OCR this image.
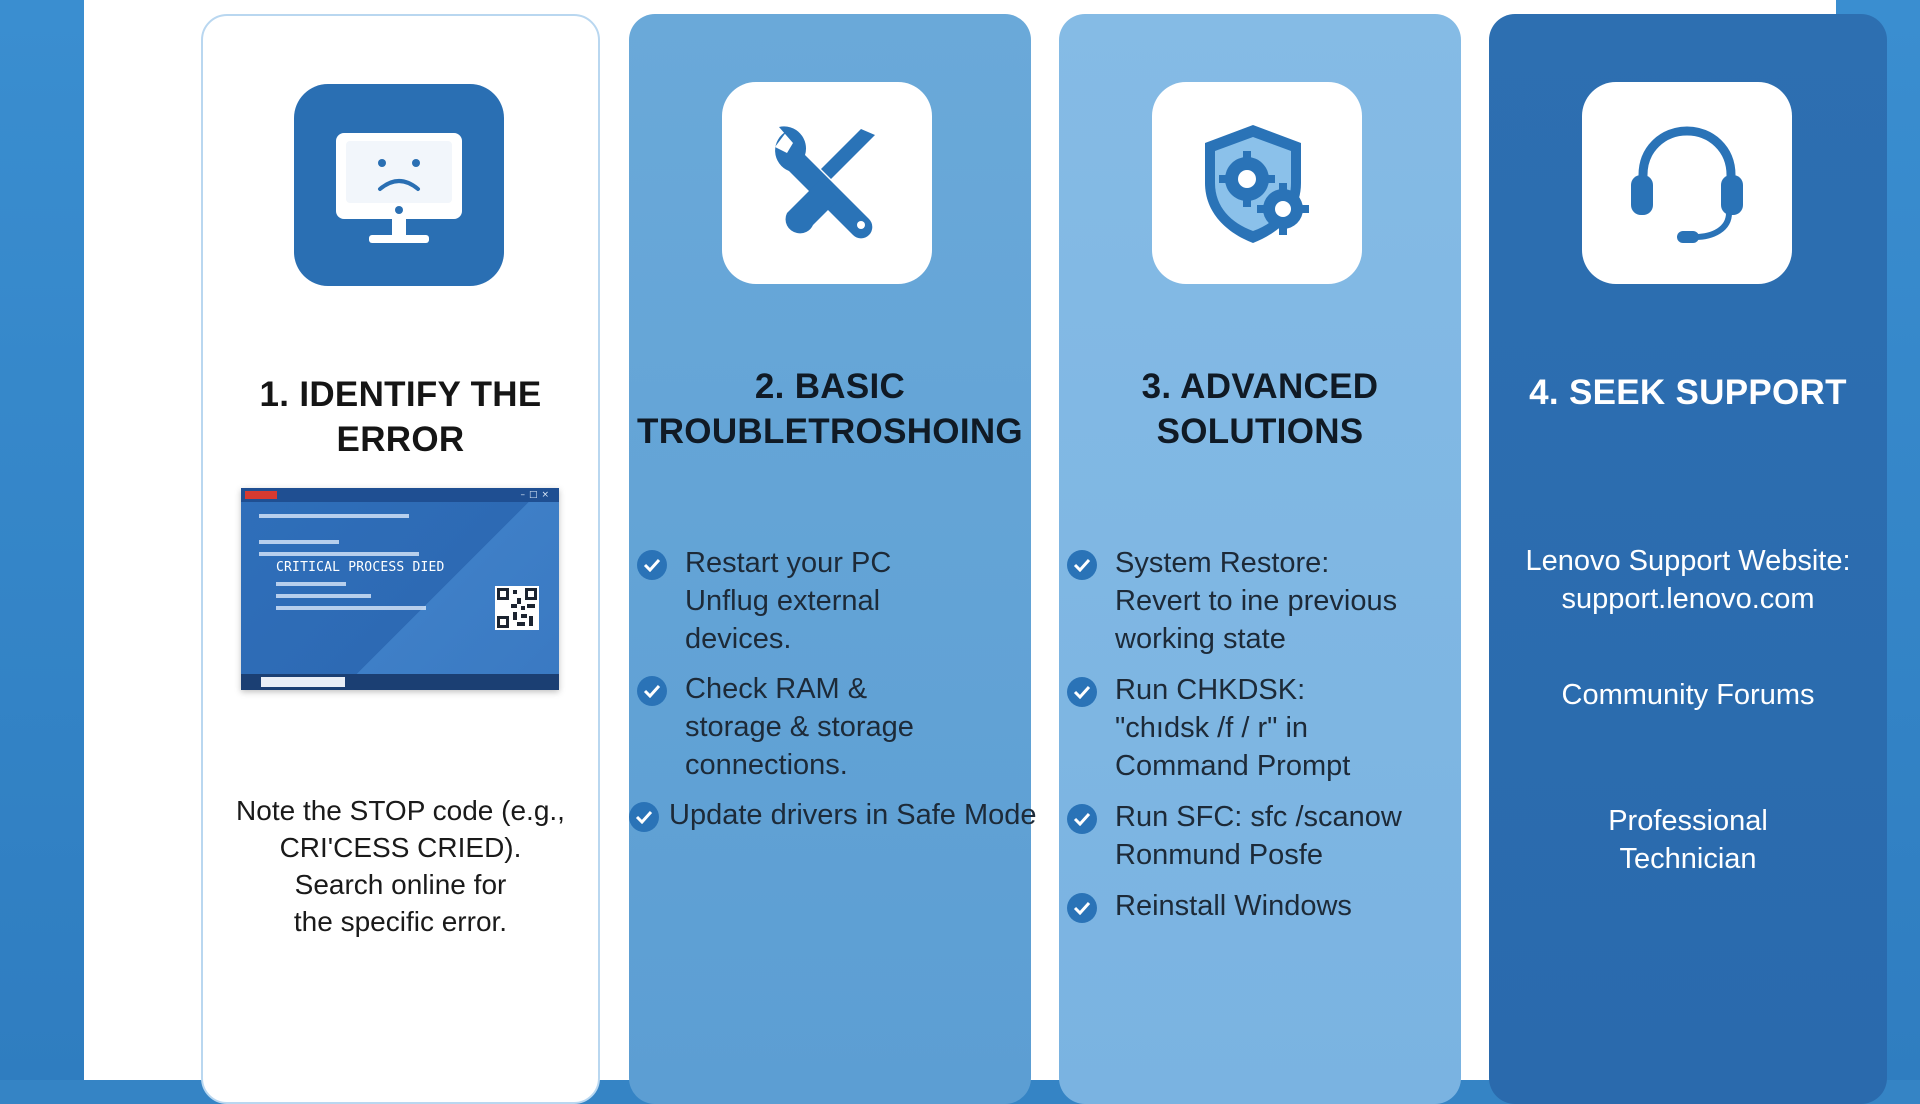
1. IDENTIFY THE ERROR
–□×
CRITICAL PROCESS DIED
Note the STOP code (e.g.,
CRI'CESS CRIED).
Search online for
the specific error.
2. BASIC
TROUBLETROSHOING
Restart your PC
Unflug external
devices.
Check RAM &
storage & storage
connections.
Update drivers in Safe Mode
3. ADVANCED
SOLUTIONS
System Restore:
Revert to ine previous
working state
Run CHKDSK:
"chıdsk /f / r" in
Command Prompt
Run SFC: sfc /scanow
Ronmund Posfe
Reinstall Windows
4. SEEK SUPPORT
Lenovo Support Website:
support.lenovo.com
Community Forums
Professional
Technician
